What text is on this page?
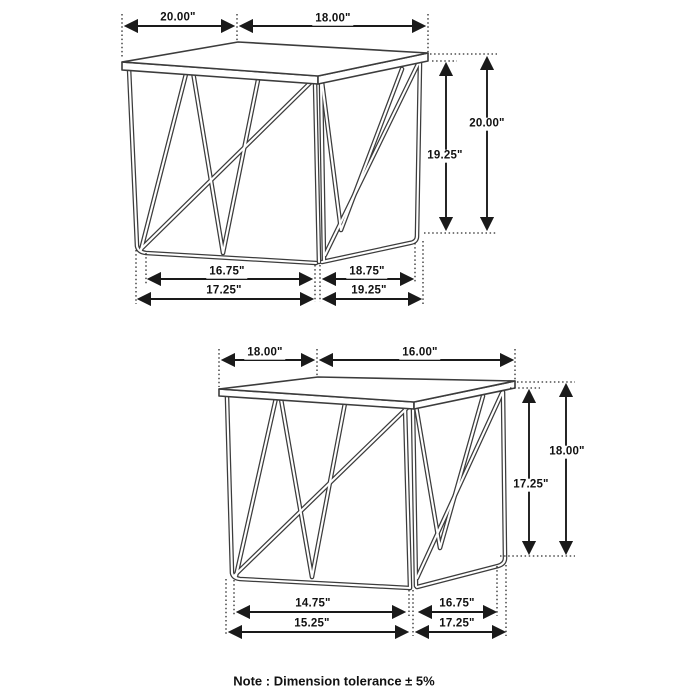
20.00"	18.00"
20.00"
19.25"
16.75"	18.75"
17.25"	19.25"
18.00"	16.00"
18.00"
17.25"
14.75"	16.75"
15.25"	17.25"
Note : Dimension tolerance ± 5%
